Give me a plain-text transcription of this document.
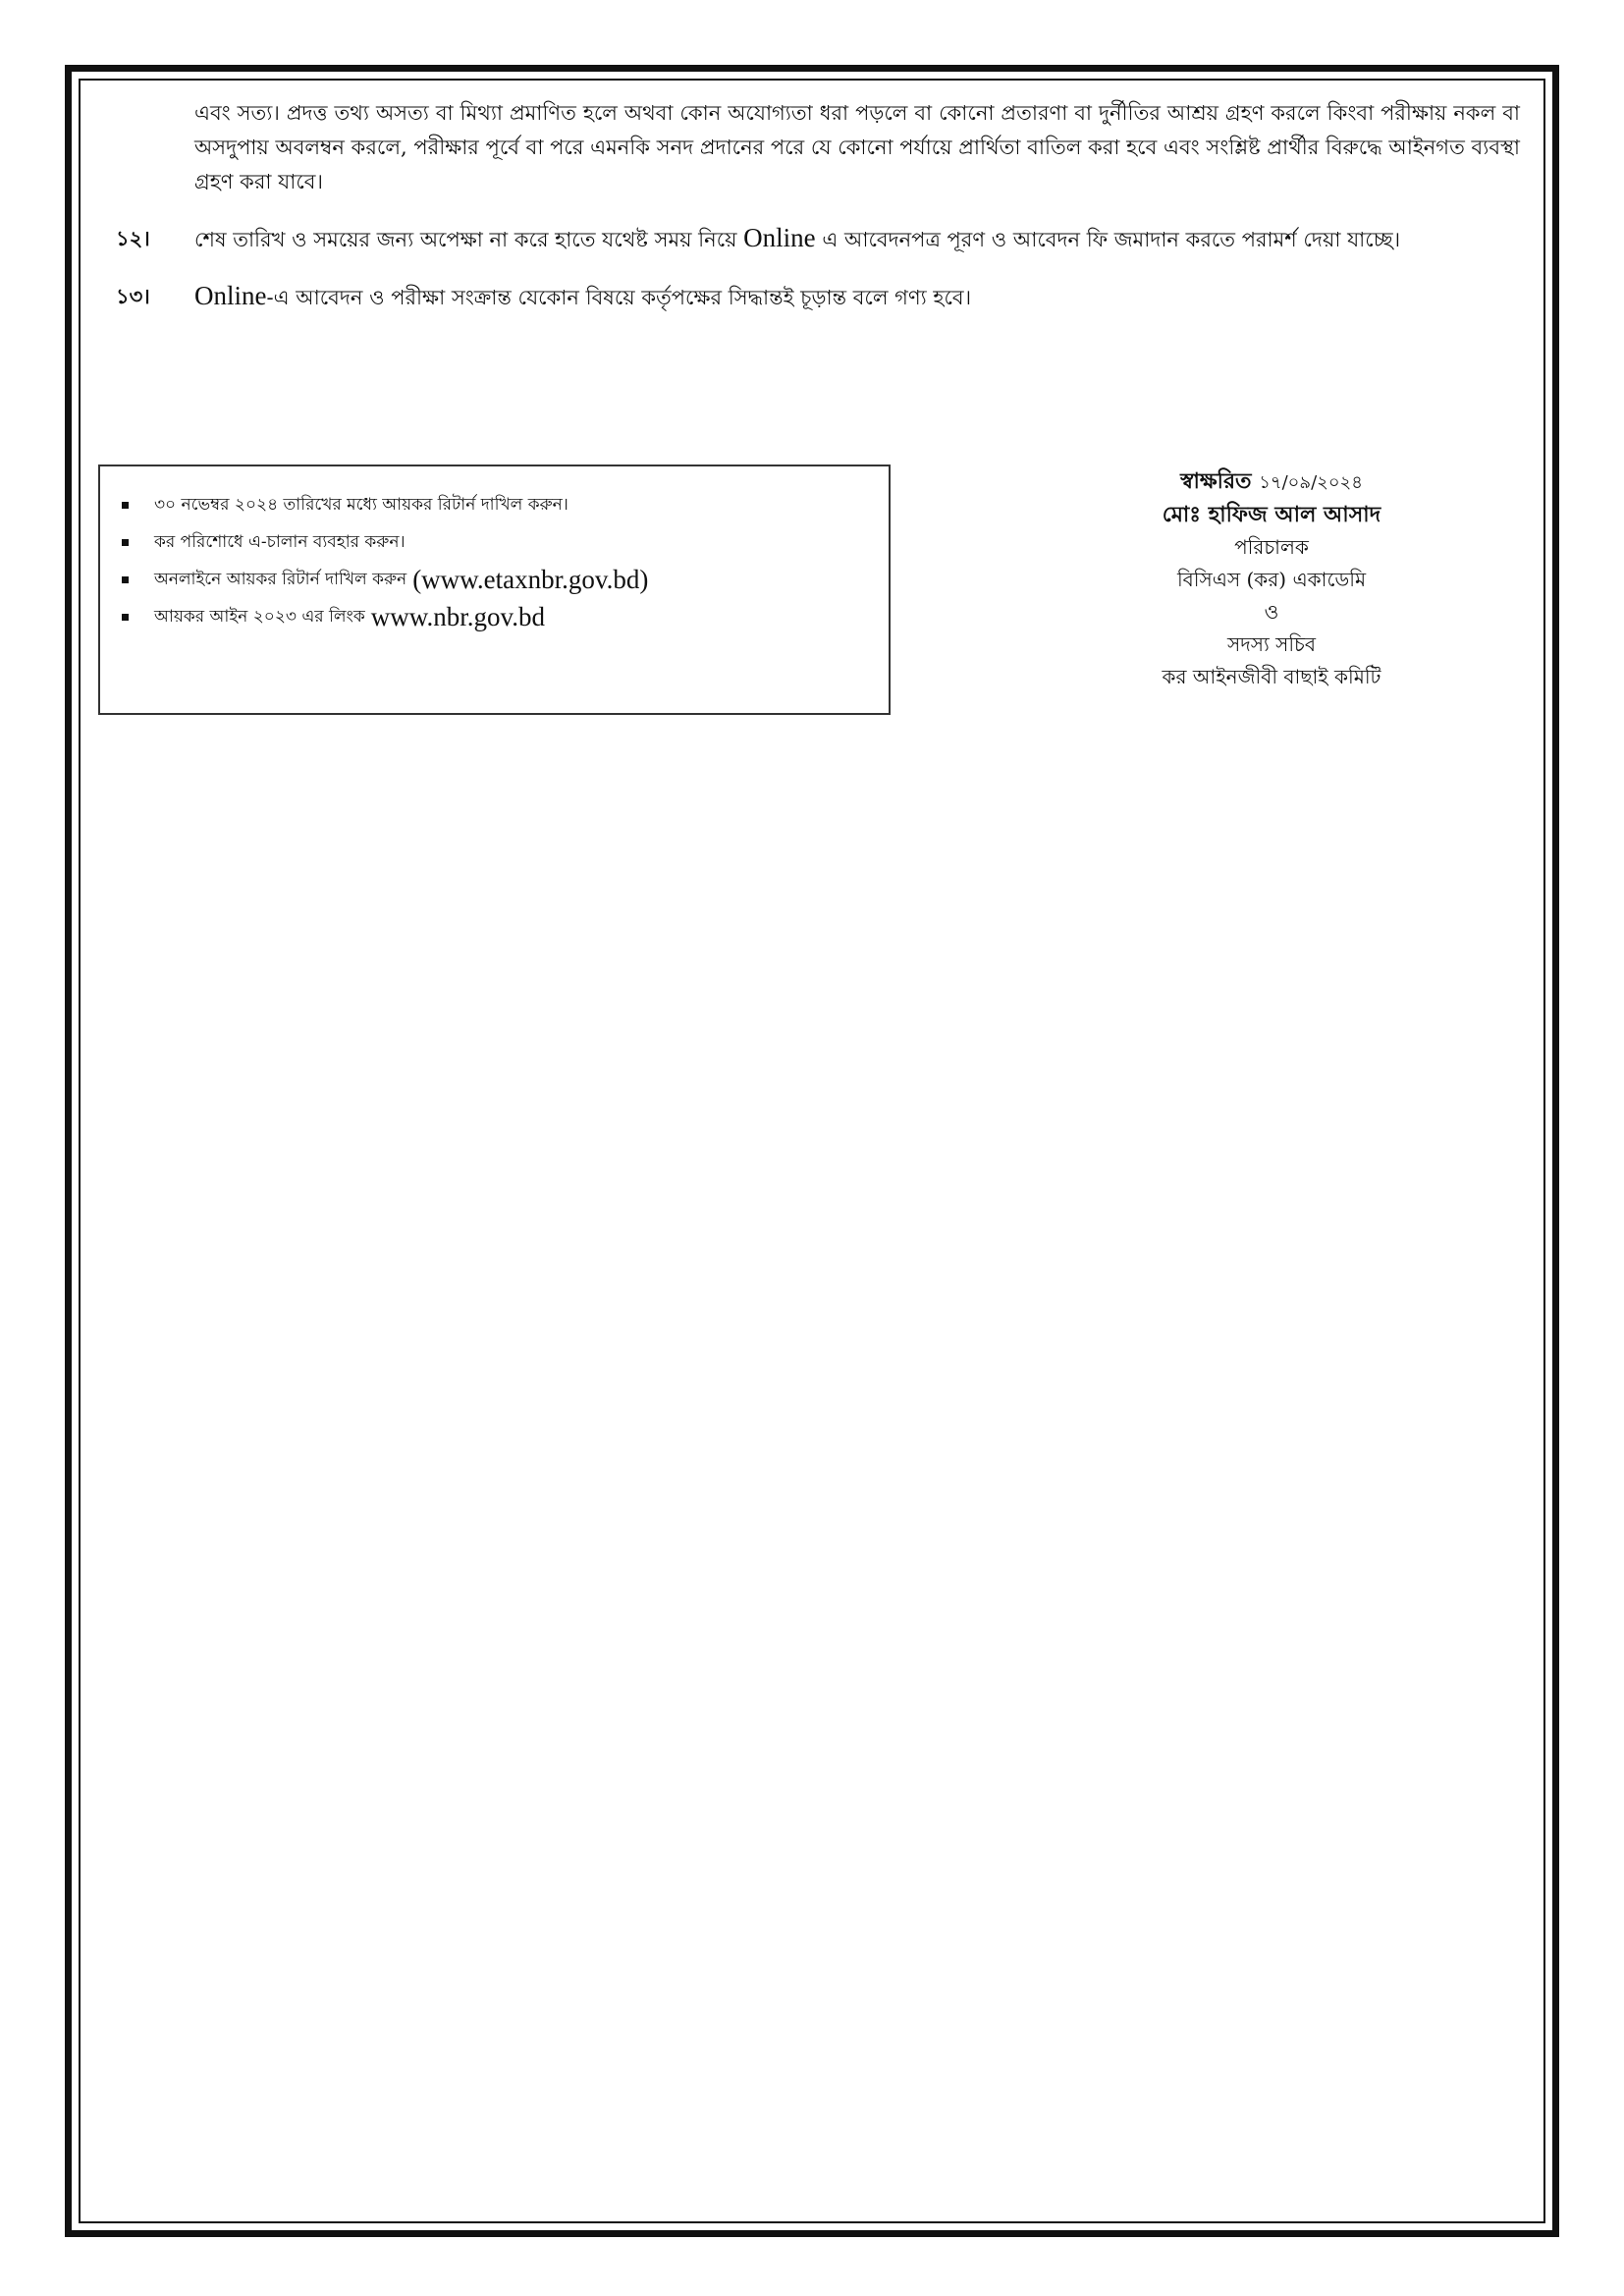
এবং সত্য। প্রদত্ত তথ্য অসত্য বা মিথ্যা প্রমাণিত হলে অথবা কোন অযোগ্যতা ধরা পড়লে বা কোনো প্রতারণা বা দুর্নীতির আশ্রয় গ্রহণ করলে কিংবা পরীক্ষায় নকল বা অসদুপায় অবলম্বন করলে, পরীক্ষার পূর্বে বা পরে এমনকি সনদ প্রদানের পরে যে কোনো পর্যায়ে প্রার্থিতা বাতিল করা হবে এবং সংশ্লিষ্ট প্রার্থীর বিরুদ্ধে আইনগত ব্যবস্থা গ্রহণ করা যাবে।
১২।	শেষ তারিখ ও সময়ের জন্য অপেক্ষা না করে হাতে যথেষ্ট সময় নিয়ে Online এ আবেদনপত্র পূরণ ও আবেদন ফি জমাদান করতে পরামর্শ দেয়া যাচ্ছে।
১৩।	Online-এ আবেদন ও পরীক্ষা সংক্রান্ত যেকোন বিষয়ে কর্তৃপক্ষের সিদ্ধান্তই চূড়ান্ত বলে গণ্য হবে।
৩০ নভেম্বর ২০২৪ তারিখের মধ্যে আয়কর রিটার্ন দাখিল করুন।
কর পরিশোধে এ-চালান ব্যবহার করুন।
অনলাইনে আয়কর রিটার্ন দাখিল করুন (www.etaxnbr.gov.bd)
আয়কর আইন ২০২৩ এর লিংক www.nbr.gov.bd
স্বাক্ষরিত ১৭/০৯/২০২৪
মোঃ হাফিজ আল আসাদ
পরিচালক
বিসিএস (কর) একাডেমি
ও
সদস্য সচিব
কর আইনজীবী বাছাই কমিটি
